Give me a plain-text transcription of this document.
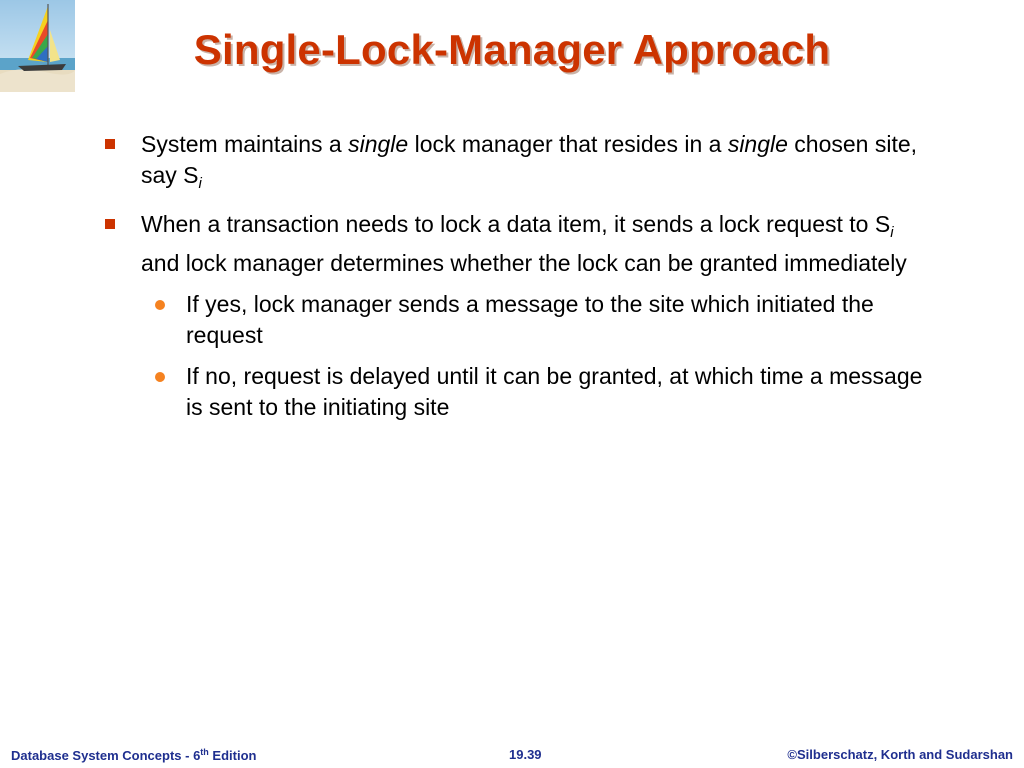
Single-Lock-Manager Approach
System maintains a single lock manager that resides in a single chosen site, say $S_i$
When a transaction needs to lock a data item, it sends a lock request to $S_i$ and lock manager determines whether the lock can be granted immediately
If yes, lock manager sends a message to the site which initiated the request
If no, request is delayed until it can be granted, at which time a message is sent to the initiating site
Database System Concepts - 6th Edition	19.39	©Silberschatz, Korth and Sudarshan
